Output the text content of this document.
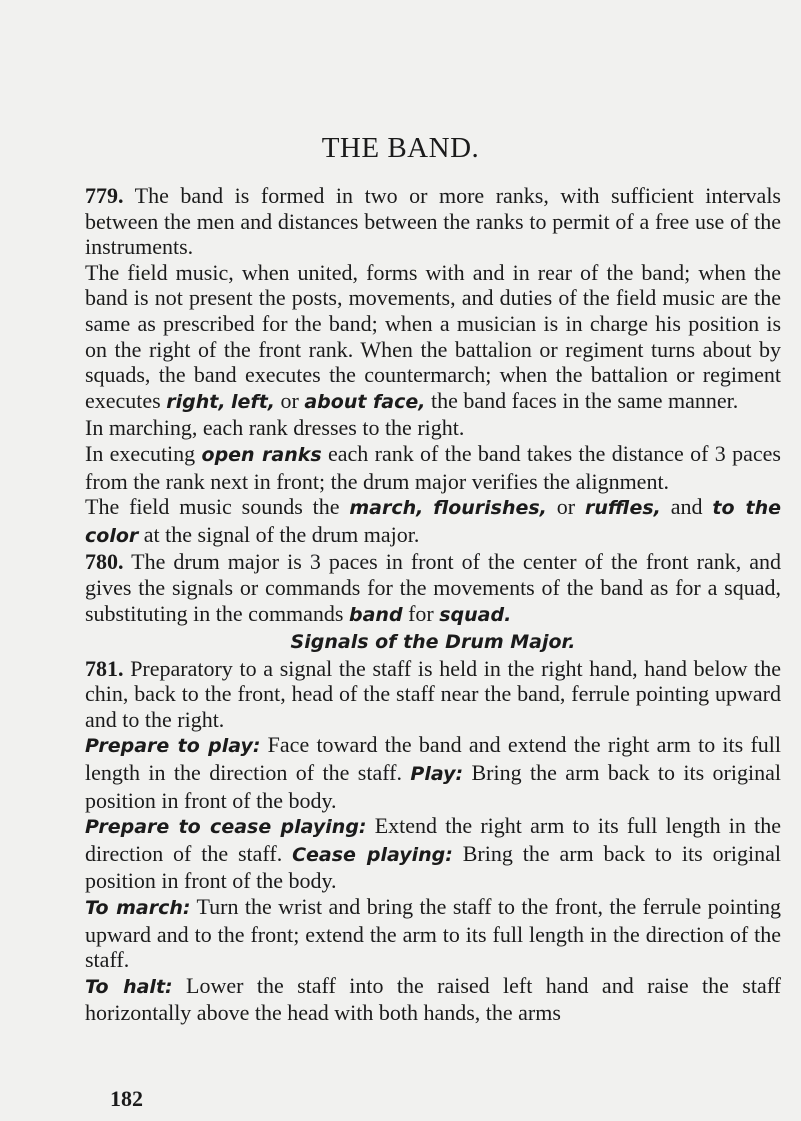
THE BAND.

779. The band is formed in two or more ranks, with sufficient intervals between the men and distances between the ranks to permit of a free use of the instruments.

The field music, when united, forms with and in rear of the band; when the band is not present the posts, movements, and duties of the field music are the same as prescribed for the band; when a musician is in charge his position is on the right of the front rank. When the battalion or regiment turns about by squads, the band executes the countermarch; when the battalion or regiment executes right, left, or about face, the band faces in the same manner.

In marching, each rank dresses to the right.

In executing open ranks each rank of the band takes the distance of 3 paces from the rank next in front; the drum major verifies the alignment.

The field music sounds the march, flourishes, or ruffles, and to the color at the signal of the drum major.

780. The drum major is 3 paces in front of the center of the front rank, and gives the signals or commands for the movements of the band as for a squad, substituting in the commands band for squad.

Signals of the Drum Major.

781. Preparatory to a signal the staff is held in the right hand, hand below the chin, back to the front, head of the staff near the band, ferrule pointing upward and to the right.

Prepare to play: Face toward the band and extend the right arm to its full length in the direction of the staff. Play: Bring the arm back to its original position in front of the body.

Prepare to cease playing: Extend the right arm to its full length in the direction of the staff. Cease playing: Bring the arm back to its original position in front of the body.

To march: Turn the wrist and bring the staff to the front, the ferrule pointing upward and to the front; extend the arm to its full length in the direction of the staff.

To halt: Lower the staff into the raised left hand and raise the staff horizontally above the head with both hands, the arms

182
